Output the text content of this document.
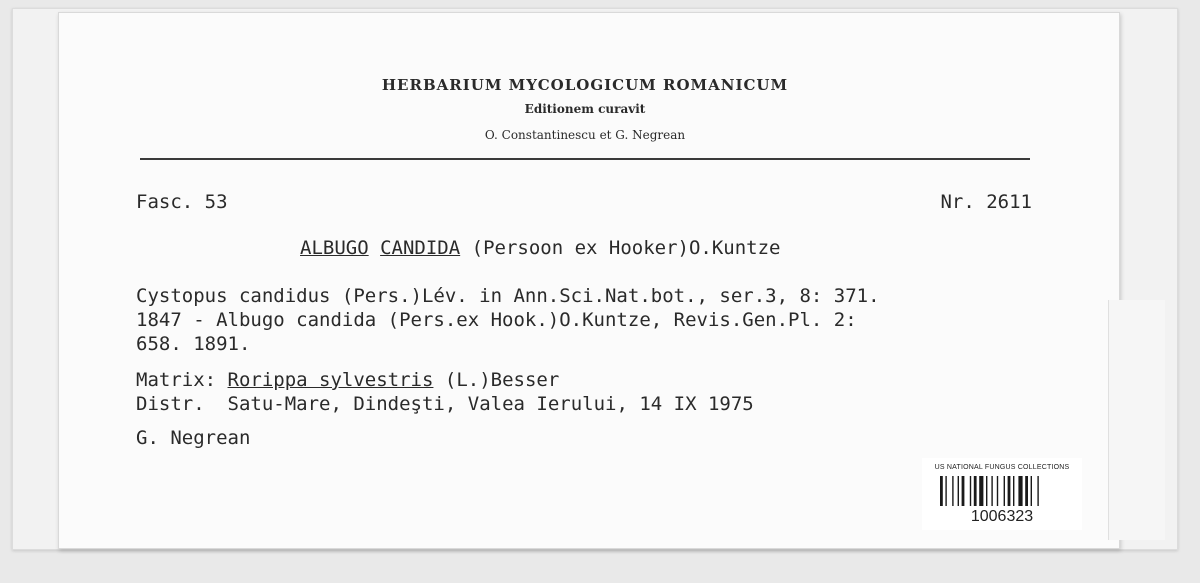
HERBARIUM MYCOLOGICUM ROMANICUM
Editionem curavit
O. Constantinescu et G. Negrean
Fasc. 53	Nr. 2611
ALBUGO CANDIDA (Persoon ex Hooker)O.Kuntze
Cystopus candidus (Pers.)Lév. in Ann.Sci.Nat.bot., ser.3, 8: 371.
1847 - Albugo candida (Pers.ex Hook.)O.Kuntze, Revis.Gen.Pl. 2:
658. 1891.
Matrix: Rorippa sylvestris (L.)Besser
Distr. Satu-Mare, Dindeşti, Valea Ierului, 14 IX 1975
G. Negrean
US NATIONAL FUNGUS COLLECTIONS
1006323
